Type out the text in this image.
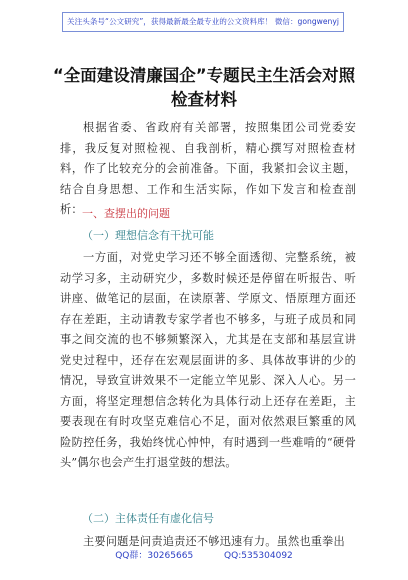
关注头条号“公文研究”，获得最新最全最专业的公文资料库！ 微信：gongwenyj
“全面建设清廉国企”专题民主生活会对照
检查材料
根据省委、省政府有关部署，按照集团公司党委安排，我反复对照检视、自我剖析，精心撰写对照检查材料，作了比较充分的会前准备。下面，我紧扣会议主题，结合自身思想、工作和生活实际，作如下发言和检查剖析： 一、查摆出的问题
（一）理想信念有干扰可能
一方面，对党史学习还不够全面透彻、完整系统，被动学习多，主动研究少，多数时候还是停留在听报告、听讲座、做笔记的层面，在读原著、学原文、悟原理方面还存在差距，主动请教专家学者也不够多，与班子成员和同事之间交流的也不够频繁深入，尤其是在支部和基层宣讲党史过程中，还存在宏观层面讲的多、具体故事讲的少的情况，导致宣讲效果不一定能立竿见影、深入人心。另一方面，将坚定理想信念转化为具体行动上还存在差距，主要表现在有时攻坚克难信心不足，面对依然艰巨繁重的风险防控任务，我始终忧心忡忡，有时遇到一些难啃的“硬骨头”偶尔也会产生打退堂鼓的想法。
（二）主体责任有虚化信号
主要问题是问责追责还不够迅速有力。虽然也重拳出
QQ群：30265665	QQ:535304092
